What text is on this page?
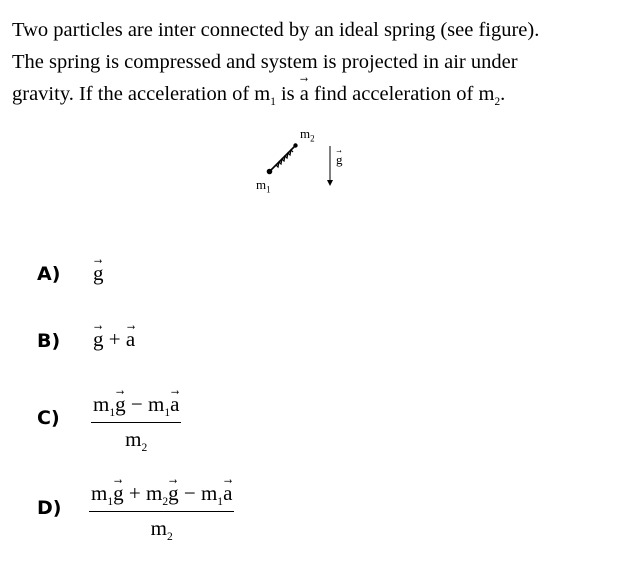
Two particles are inter connected by an ideal spring (see figure).

The spring is compressed and system is projected in air under

gravity. If the acceleration of $m_1$ is → a find acceleration of $m_2$.

$m_2$
$m_1$
→ g
A) → g
B) → g + → a
$C) \frac{m_1\to g - m_1\to a}{m_2}$
$D) \frac{m_1\to g + m_2\to g - m_1\to a}{m_2}$
